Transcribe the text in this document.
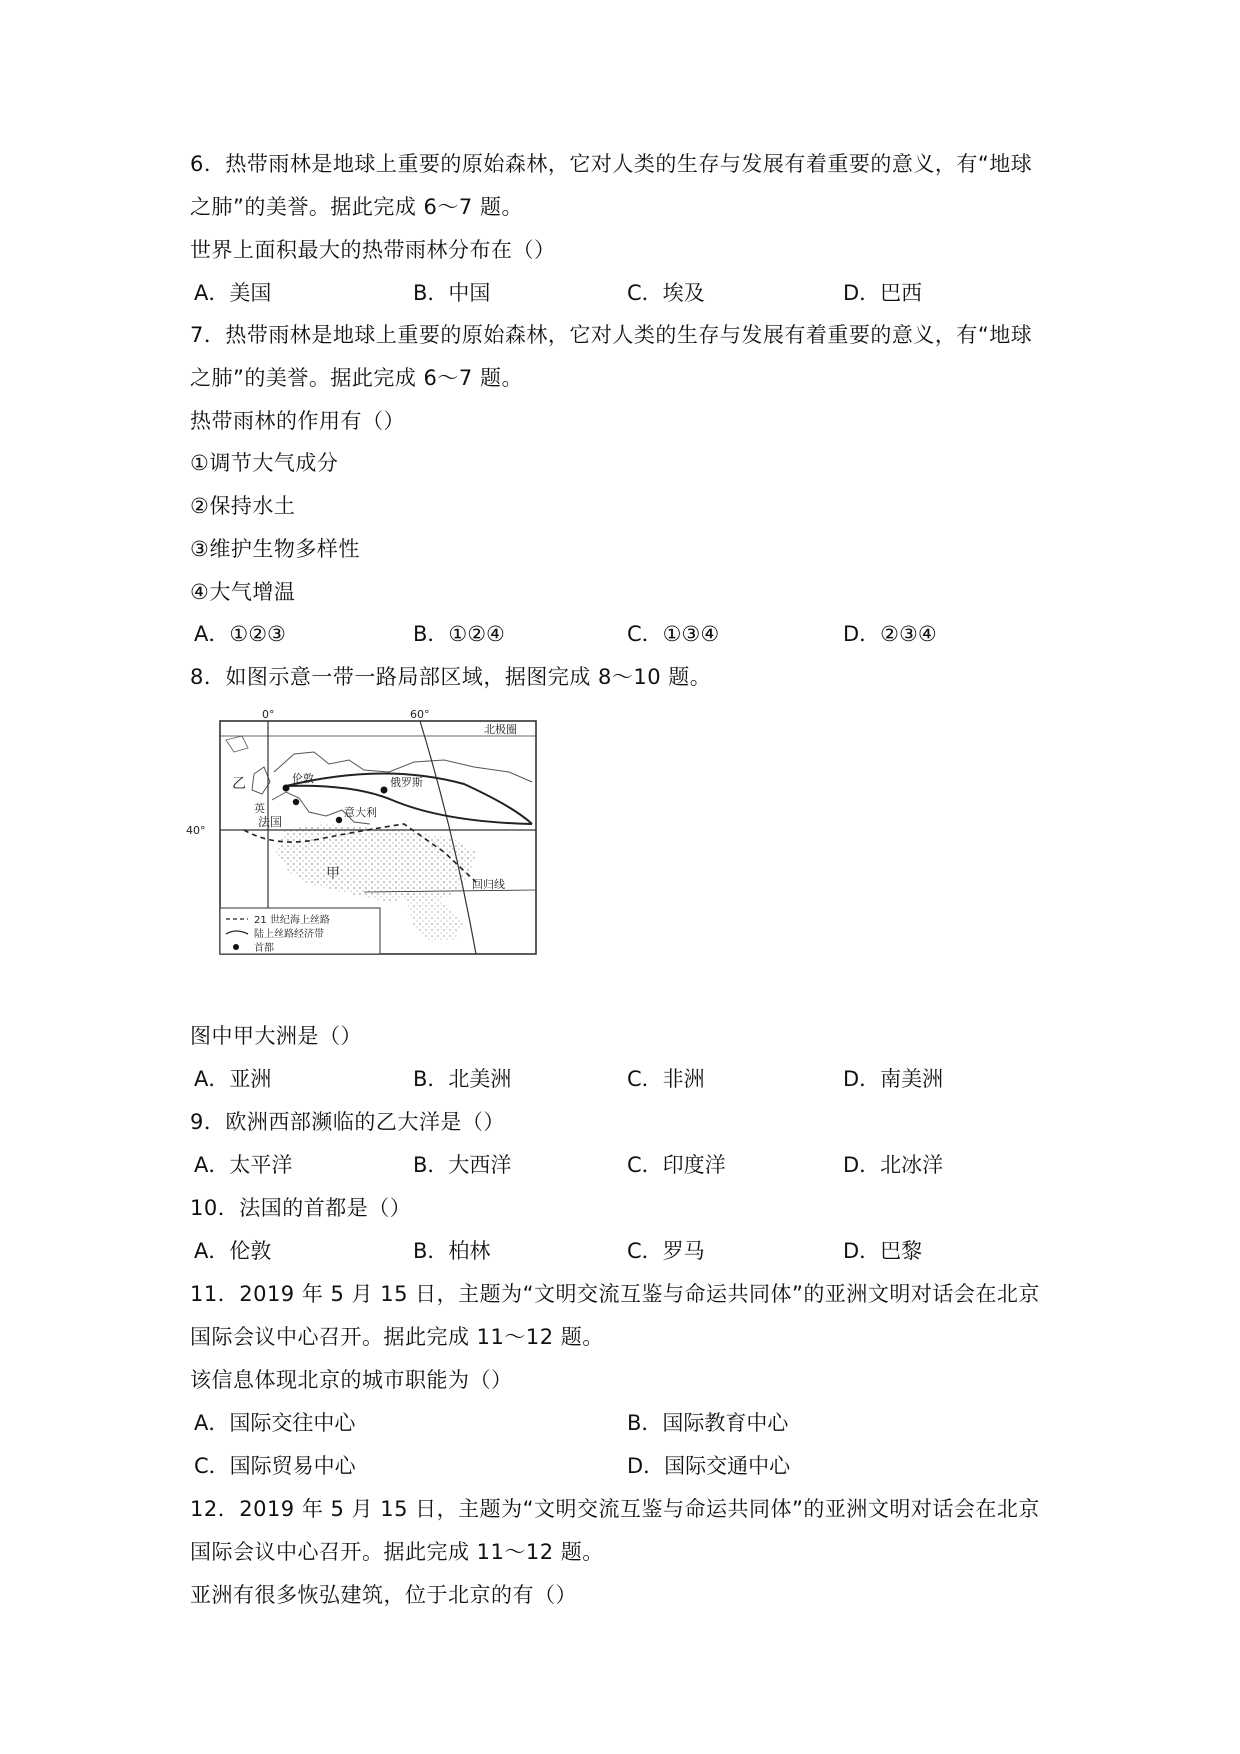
6．热带雨林是地球上重要的原始森林，它对人类的生存与发展有着重要的意义，有“地球
之肺”的美誉。据此完成 6～7 题。
世界上面积最大的热带雨林分布在（）
A．美国	B．中国	C．埃及	D．巴西
7．热带雨林是地球上重要的原始森林，它对人类的生存与发展有着重要的意义，有“地球
之肺”的美誉。据此完成 6～7 题。
热带雨林的作用有（）
①调节大气成分
②保持水土
③维护生物多样性
④大气增温
A．①②③	B．①②④	C．①③④	D．②③④
8．如图示意一带一路局部区域，据图完成 8～10 题。
0°	60°
40°
北极圈
乙
英
伦敦
法国
意大利
俄罗斯
甲
回归线
21 世纪海上丝路
陆上丝路经济带
首都
图中甲大洲是（）
A．亚洲	B．北美洲	C．非洲	D．南美洲
9．欧洲西部濒临的乙大洋是（）
A．太平洋	B．大西洋	C．印度洋	D．北冰洋
10．法国的首都是（）
A．伦敦	B．柏林	C．罗马	D．巴黎
11．2019 年 5 月 15 日，主题为“文明交流互鉴与命运共同体”的亚洲文明对话会在北京
国际会议中心召开。据此完成 11～12 题。
该信息体现北京的城市职能为（）
A．国际交往中心	B．国际教育中心
C．国际贸易中心	D．国际交通中心
12．2019 年 5 月 15 日，主题为“文明交流互鉴与命运共同体”的亚洲文明对话会在北京
国际会议中心召开。据此完成 11～12 题。
亚洲有很多恢弘建筑，位于北京的有（）
